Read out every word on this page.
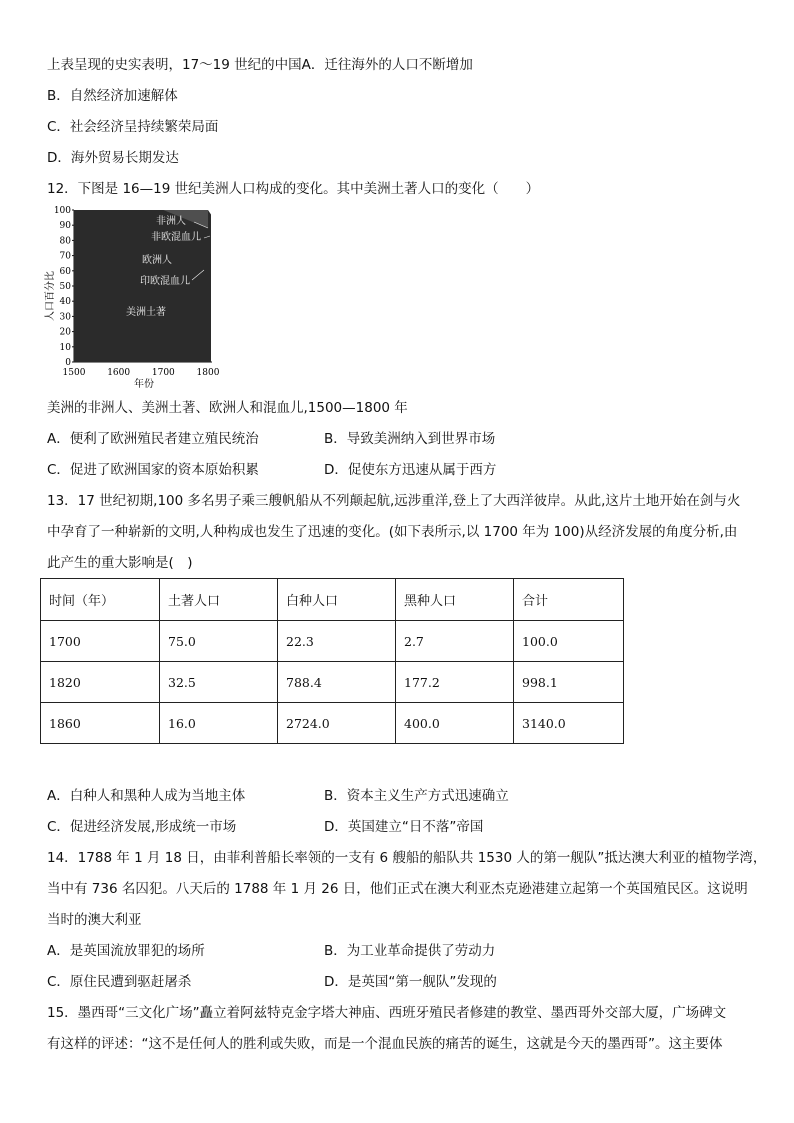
上表呈现的史实表明，17～19 世纪的中国A．迁往海外的人口不断增加
B．自然经济加速解体
C．社会经济呈持续繁荣局面
D．海外贸易长期发达
12．下图是 16—19 世纪美洲人口构成的变化。其中美洲土著人口的变化（　　）
0
10
20
30
40
50
60
70
80
90
100
1500 1600 1700 1800
非洲人
非欧混血儿
欧洲人
印欧混血儿
美洲土著
人口百分比
年份
美洲的非洲人、美洲土著、欧洲人和混血儿,1500—1800 年
A．便利了欧洲殖民者建立殖民统治	B．导致美洲纳入到世界市场
C．促进了欧洲国家的资本原始积累	D．促使东方迅速从属于西方
13．17 世纪初期,100 多名男子乘三艘帆船从不列颠起航,远涉重洋,登上了大西洋彼岸。从此,这片土地开始在剑与火
中孕育了一种崭新的文明,人种构成也发生了迅速的变化。(如下表所示,以 1700 年为 100)从经济发展的角度分析,由
此产生的重大影响是(　)
时间（年）	土著人口	白种人口	黑种人口	合计
1700	75.0	22.3	2.7	100.0
1820	32.5	788.4	177.2	998.1
1860	16.0	2724.0	400.0	3140.0
A．白种人和黑种人成为当地主体	B．资本主义生产方式迅速确立
C．促进经济发展,形成统一市场	D．英国建立“日不落”帝国
14．1788 年 1 月 18 日，由菲利普船长率领的一支有 6 艘船的船队共 1530 人的第一舰队”抵达澳大利亚的植物学湾，
当中有 736 名囚犯。八天后的 1788 年 1 月 26 日，他们正式在澳大利亚杰克逊港建立起第一个英国殖民区。这说明
当时的澳大利亚
A．是英国流放罪犯的场所	B．为工业革命提供了劳动力
C．原住民遭到驱赶屠杀	D．是英国“第一舰队”发现的
15．墨西哥“三文化广场”矗立着阿兹特克金字塔大神庙、西班牙殖民者修建的教堂、墨西哥外交部大厦，广场碑文
有这样的评述：“这不是任何人的胜利或失败，而是一个混血民族的痛苦的诞生，这就是今天的墨西哥”。这主要体
